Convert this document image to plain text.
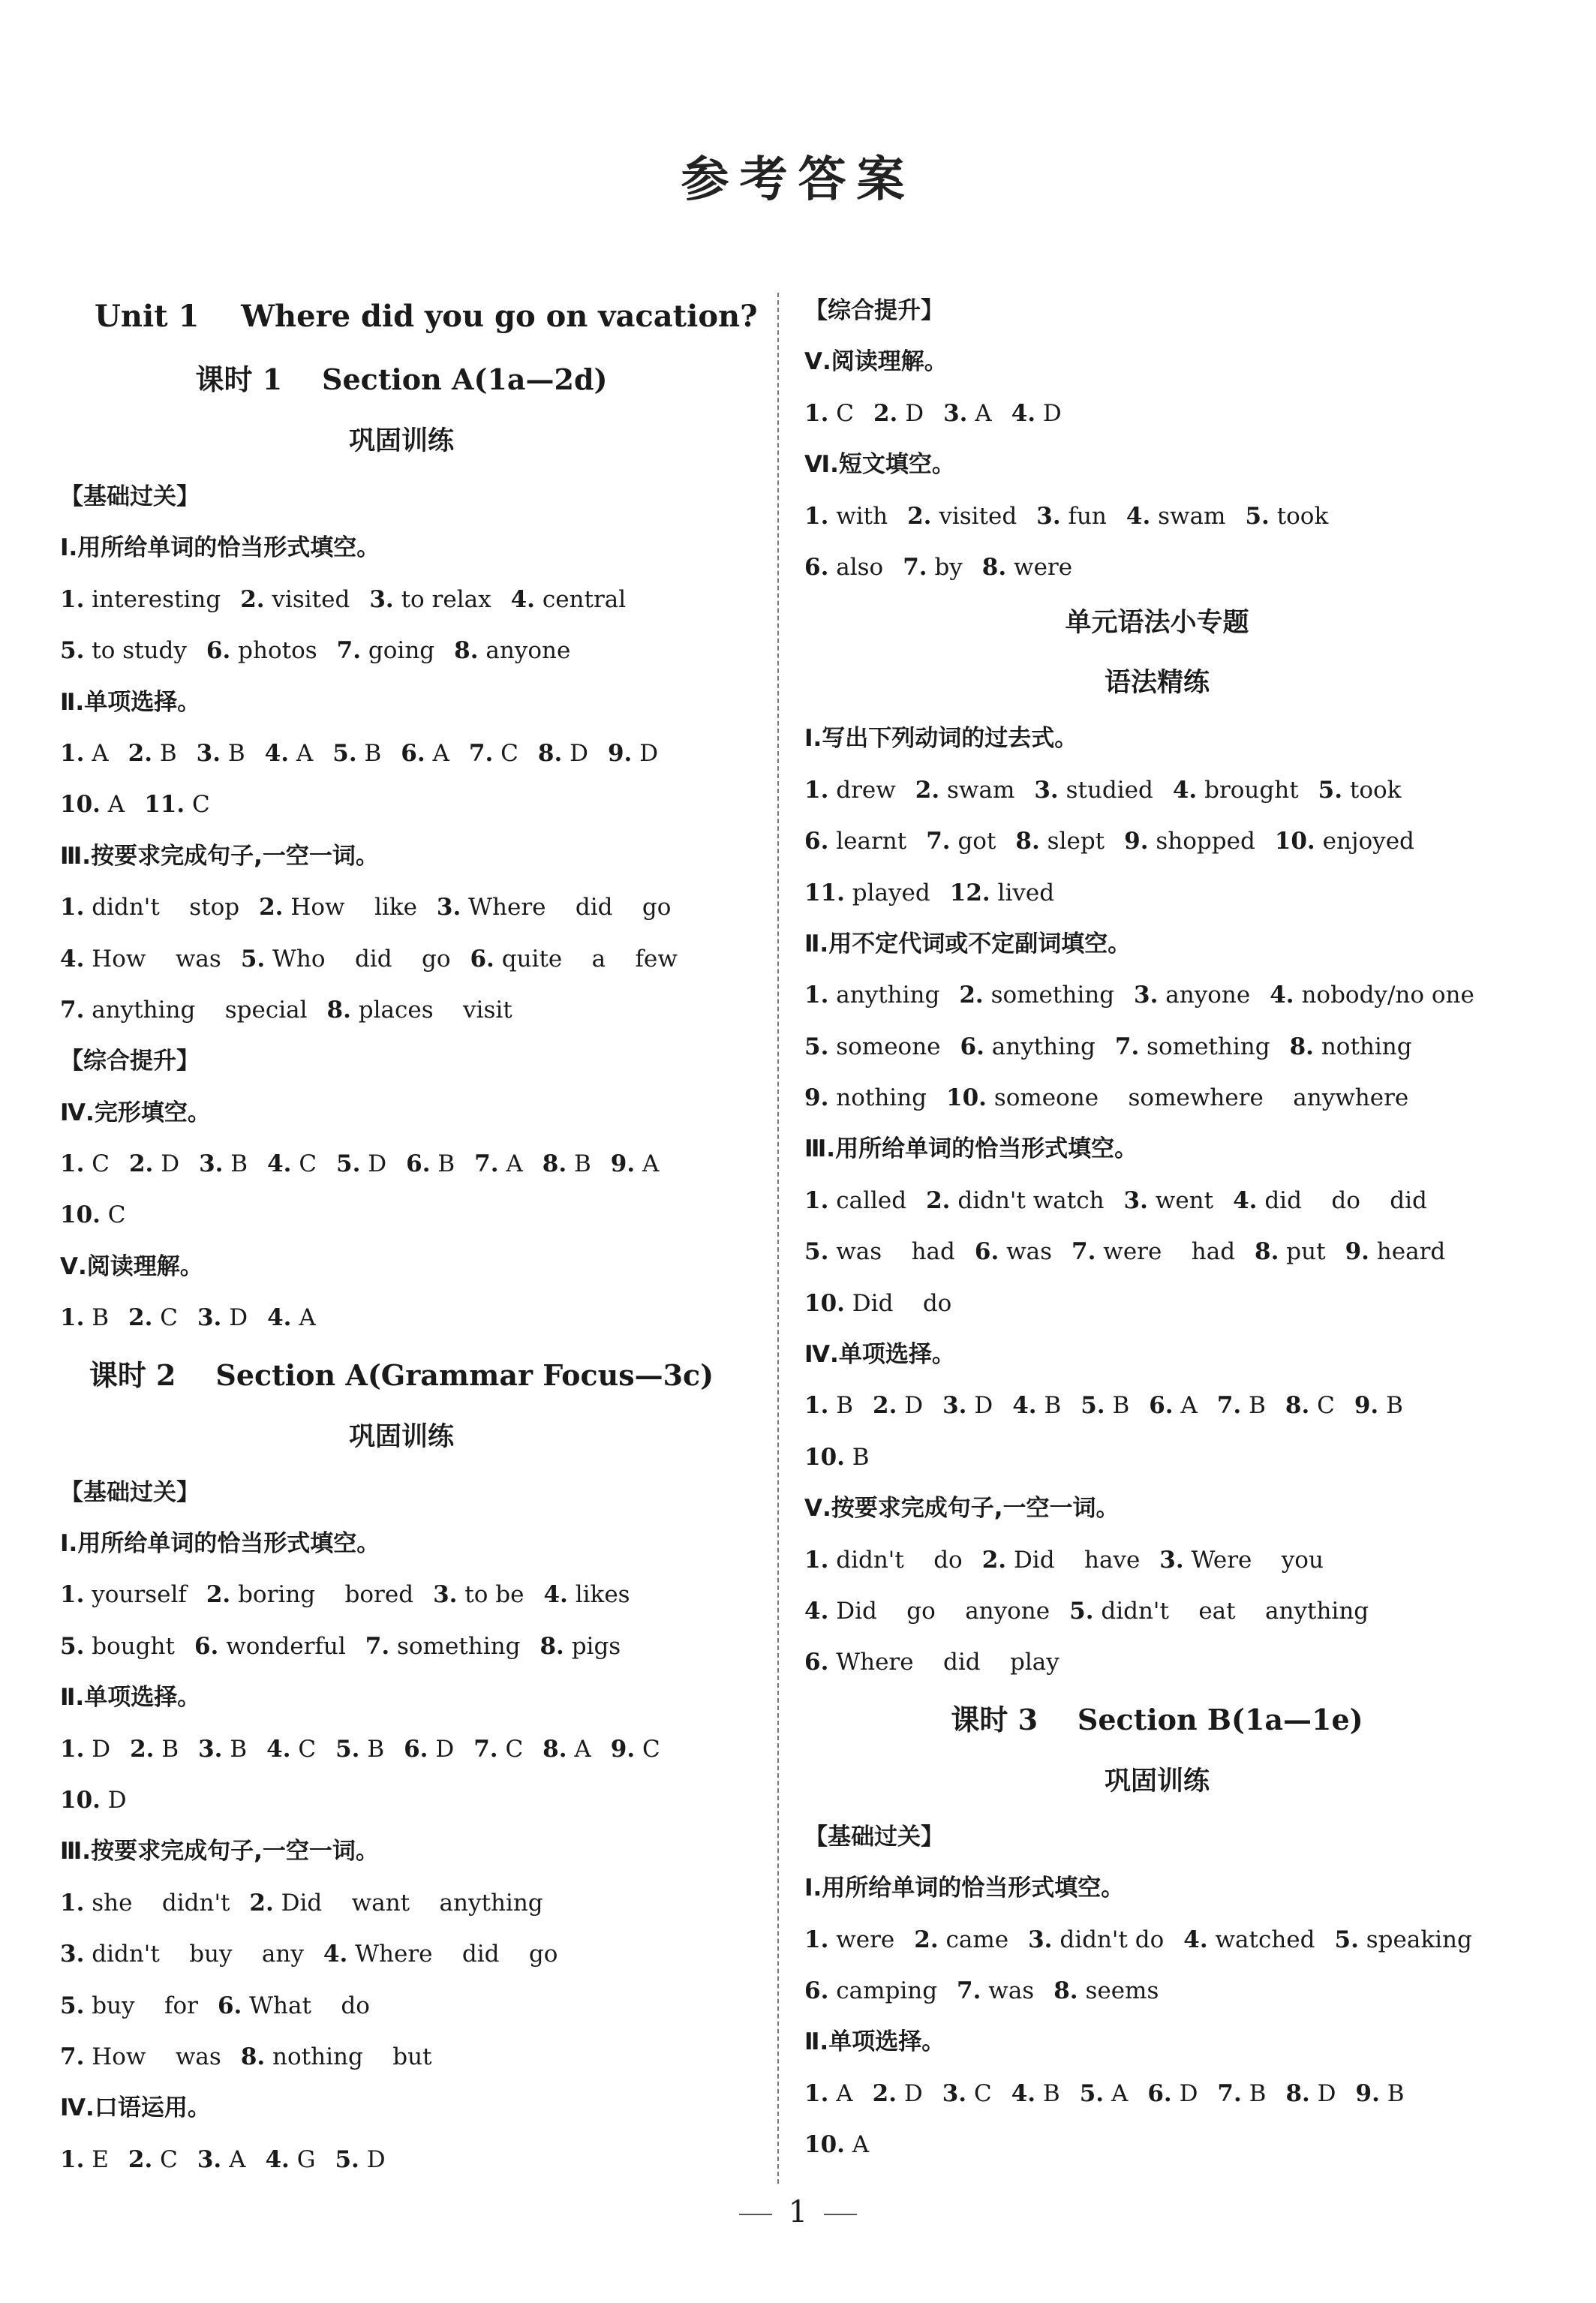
参考答案
Unit 1    Where did you go on vacation?
课时 1    Section A(1a—2d)
巩固训练
【基础过关】
Ⅰ.用所给单词的恰当形式填空。
1. interesting 2. visited 3. to relax 4. central
5. to study 6. photos 7. going 8. anyone
Ⅱ.单项选择。
1. A 2. B 3. B 4. A 5. B 6. A 7. C 8. D 9. D
10. A 11. C
Ⅲ.按要求完成句子,一空一词。
1. didn't    stop 2. How    like 3. Where    did    go
4. How    was 5. Who    did    go 6. quite    a    few
7. anything    special 8. places    visit
【综合提升】
Ⅳ.完形填空。
1. C 2. D 3. B 4. C 5. D 6. B 7. A 8. B 9. A
10. C
Ⅴ.阅读理解。
1. B 2. C 3. D 4. A
课时 2    Section A(Grammar Focus—3c)
巩固训练
【基础过关】
Ⅰ.用所给单词的恰当形式填空。
1. yourself 2. boring    bored 3. to be 4. likes
5. bought 6. wonderful 7. something 8. pigs
Ⅱ.单项选择。
1. D 2. B 3. B 4. C 5. B 6. D 7. C 8. A 9. C
10. D
Ⅲ.按要求完成句子,一空一词。
1. she    didn't 2. Did    want    anything
3. didn't    buy    any 4. Where    did    go
5. buy    for 6. What    do
7. How    was 8. nothing    but
Ⅳ.口语运用。
1. E 2. C 3. A 4. G 5. D
【综合提升】
Ⅴ.阅读理解。
1. C 2. D 3. A 4. D
Ⅵ.短文填空。
1. with 2. visited 3. fun 4. swam 5. took
6. also 7. by 8. were
单元语法小专题
语法精练
Ⅰ.写出下列动词的过去式。
1. drew 2. swam 3. studied 4. brought 5. took
6. learnt 7. got 8. slept 9. shopped 10. enjoyed
11. played 12. lived
Ⅱ.用不定代词或不定副词填空。
1. anything 2. something 3. anyone 4. nobody/no one
5. someone 6. anything 7. something 8. nothing
9. nothing 10. someone    somewhere    anywhere
Ⅲ.用所给单词的恰当形式填空。
1. called 2. didn't watch 3. went 4. did    do    did
5. was    had 6. was 7. were    had 8. put 9. heard
10. Did    do
Ⅳ.单项选择。
1. B 2. D 3. D 4. B 5. B 6. A 7. B 8. C 9. B
10. B
Ⅴ.按要求完成句子,一空一词。
1. didn't    do 2. Did    have 3. Were    you
4. Did    go    anyone 5. didn't    eat    anything
6. Where    did    play
课时 3    Section B(1a—1e)
巩固训练
【基础过关】
Ⅰ.用所给单词的恰当形式填空。
1. were 2. came 3. didn't do 4. watched 5. speaking
6. camping 7. was 8. seems
Ⅱ.单项选择。
1. A 2. D 3. C 4. B 5. A 6. D 7. B 8. D 9. B
10. A
1
